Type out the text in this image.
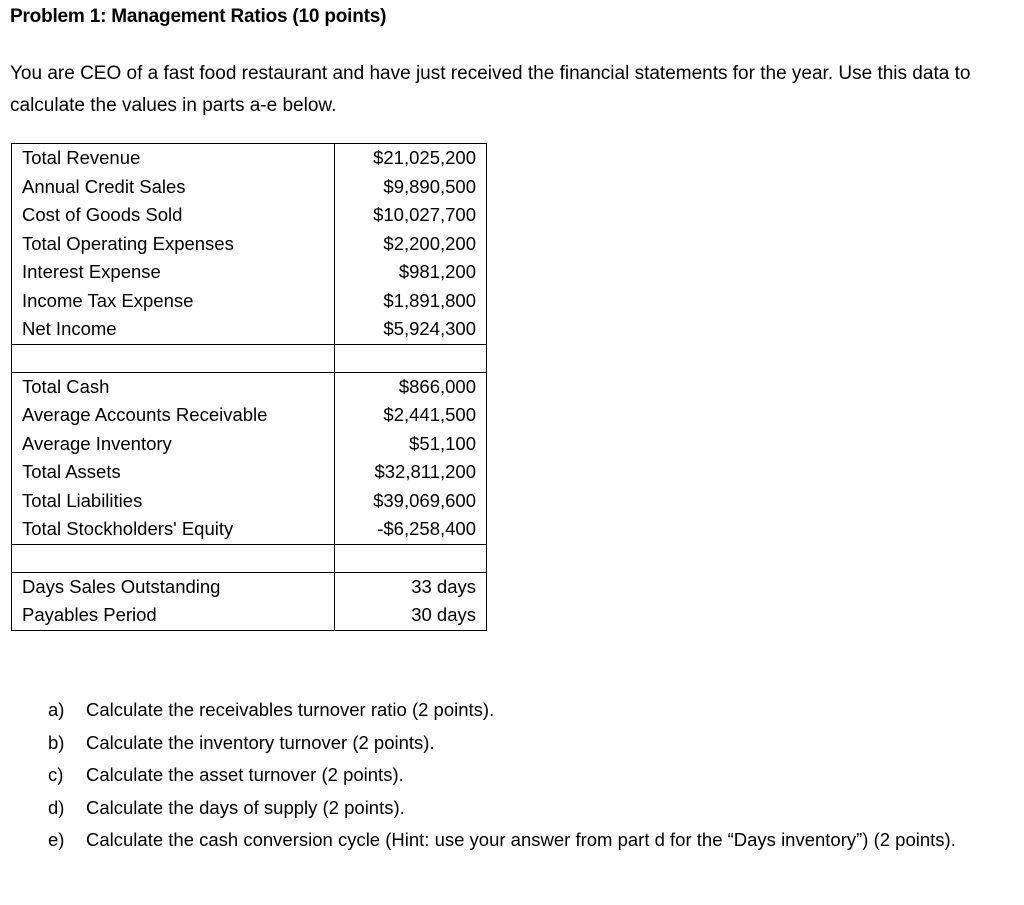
Problem 1: Management Ratios (10 points)

You are CEO of a fast food restaurant and have just received the financial statements for the year. Use this data to calculate the values in parts a-e below.

Total Revenue	$21,025,200
Annual Credit Sales	$9,890,500
Cost of Goods Sold	$10,027,700
Total Operating Expenses	$2,200,200
Interest Expense	$981,200
Income Tax Expense	$1,891,800
Net Income	$5,924,300

Total Cash	$866,000
Average Accounts Receivable	$2,441,500
Average Inventory	$51,100
Total Assets	$32,811,200
Total Liabilities	$39,069,600
Total Stockholders' Equity	-$6,258,400

Days Sales Outstanding	33 days
Payables Period	30 days
a)	Calculate the receivables turnover ratio (2 points).
b)	Calculate the inventory turnover (2 points).
c)	Calculate the asset turnover (2 points).
d)	Calculate the days of supply (2 points).
e)	Calculate the cash conversion cycle (Hint: use your answer from part d for the “Days inventory”) (2 points).
